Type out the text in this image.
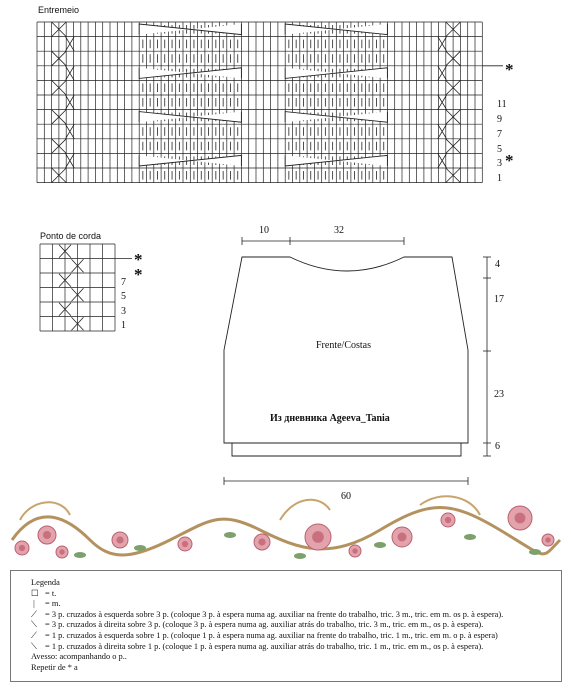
Entremeio
11
9
7
5
3
1
*
*
Ponto de corda
7
5
3
1
*
*
10	32
4
17
23
6
60
Frente/Costas
Из дневника Ageeva_Tania
Legenda
☐ = t.
| = m.
⟋ = 3 p. cruzados à esquerda sobre 3 p. (coloque 3 p. à espera numa ag. auxiliar na frente do trabalho, tric. 3 m., tric. em m. os p. à espera).
⟍ = 3 p. cruzados à direita sobre 3 p. (coloque 3 p. à espera numa ag. auxiliar atrás do trabalho, tric. 3 m., tric. em m., os p. à espera).
⟋ = 1 p. cruzados à esquerda sobre 1 p. (coloque 1 p. à espera numa ag. auxiliar na frente do trabalho, tric. 1 m., tric. em m. o p. à espera)
⟍ = 1 p. cruzados à direita sobre 1 p. (coloque 1 p. à espera numa ag. auxiliar atrás do trabalho, tric. 1 m., tric. em m., os p. à espera).
Avesso: acompanhando o p..
Repetir de * a
